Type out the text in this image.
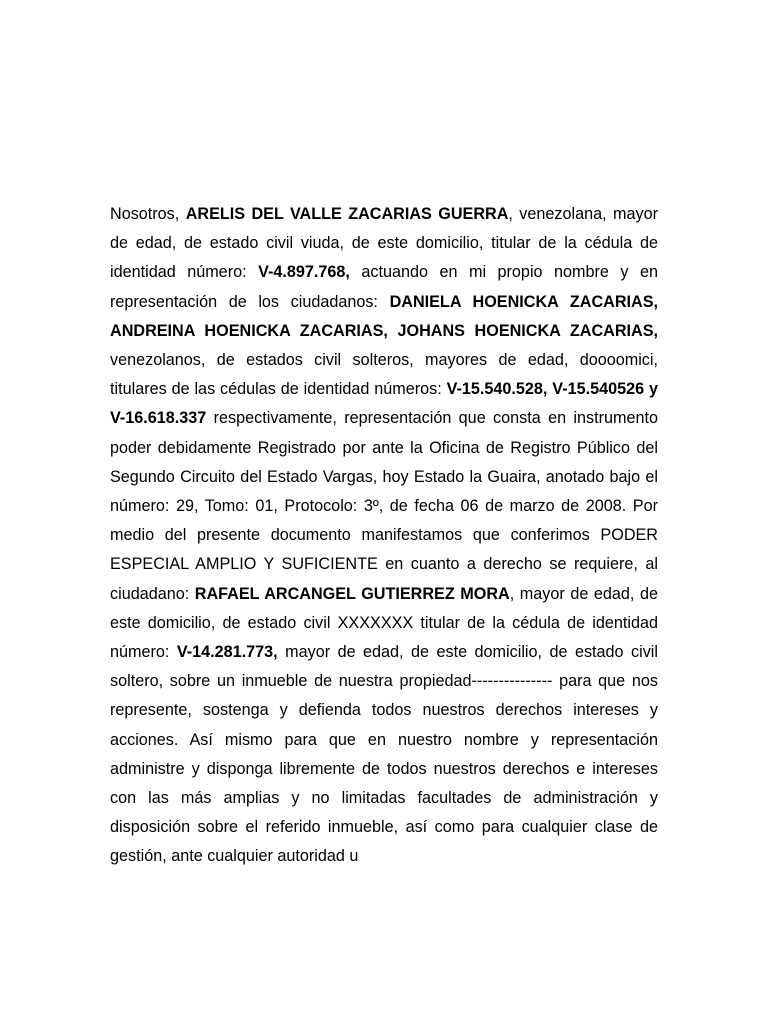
Nosotros, ARELIS DEL VALLE ZACARIAS GUERRA, venezolana, mayor de edad, de estado civil viuda, de este domicilio, titular de la cédula de identidad número: V-4.897.768, actuando en mi propio nombre y en representación de los ciudadanos: DANIELA HOENICKA ZACARIAS, ANDREINA HOENICKA ZACARIAS, JOHANS HOENICKA ZACARIAS, venezolanos, de estados civil solteros, mayores de edad, doooomici, titulares de las cédulas de identidad números: V-15.540.528, V-15.540526 y V-16.618.337 respectivamente, representación que consta en instrumento poder debidamente Registrado por ante la Oficina de Registro Público del Segundo Circuito del Estado Vargas, hoy Estado la Guaira, anotado bajo el número: 29, Tomo: 01, Protocolo: 3º, de fecha 06 de marzo de 2008. Por medio del presente documento manifestamos que conferimos PODER ESPECIAL AMPLIO Y SUFICIENTE en cuanto a derecho se requiere, al ciudadano: RAFAEL ARCANGEL GUTIERREZ MORA, mayor de edad, de este domicilio, de estado civil XXXXXXX titular de la cédula de identidad número: V-14.281.773, mayor de edad, de este domicilio, de estado civil soltero, sobre un inmueble de nuestra propiedad--------------- para que nos represente, sostenga y defienda todos nuestros derechos intereses y acciones. Así mismo para que en nuestro nombre y representación administre y disponga libremente de todos nuestros derechos e intereses con las más amplias y no limitadas facultades de administración y disposición sobre el referido inmueble, así como para cualquier clase de gestión, ante cualquier autoridad u
